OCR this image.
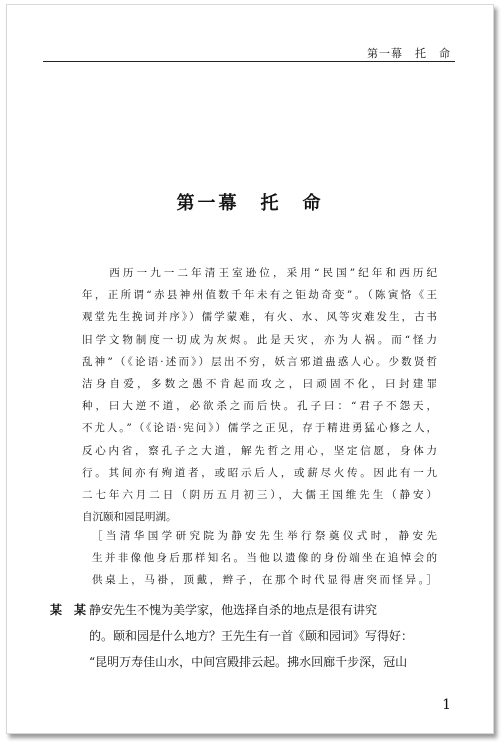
第一幕　托　命
第一幕　托　命
　　西历一九一二年清王室逊位，采用“民国”纪年和西历纪
年，正所谓“赤县神州值数千年未有之钜劫奇变”。（陈寅恪《王
观堂先生挽词并序》）儒学蒙难，有火、水、风等灾难发生，古书
旧学文物制度一切成为灰烬。此是天灾，亦为人祸。而“怪力
乱神”（《论语·述而》）层出不穷，妖言邪道蛊惑人心。少数贤哲
洁身自爱，多数之愚不肯起而攻之，曰顽固不化，曰封建罪
种，曰大逆不道，必欲杀之而后快。孔子曰：“君子不怨天，
不尤人。”（《论语·宪问》）儒学之正见，存于精进勇猛心修之人，
反心内省，察孔子之大道，解先哲之用心，坚定信愿，身体力
行。其间亦有殉道者，或昭示后人，或薪尽火传。因此有一九
二七年六月二日（阴历五月初三），大儒王国维先生（静安）
自沉颐和园昆明湖。
［当清华国学研究院为静安先生举行祭奠仪式时，静安先
生并非像他身后那样知名。当他以遗像的身份端坐在追悼会的
供桌上，马褂，顶戴，辫子，在那个时代显得唐突而怪异。］
某　某 静安先生不愧为美学家，他选择自杀的地点是很有讲究
的。颐和园是什么地方？王先生有一首《颐和园词》写得好：
“昆明万寿佳山水，中间宫殿排云起。拂水回廊千步深，冠山
1
